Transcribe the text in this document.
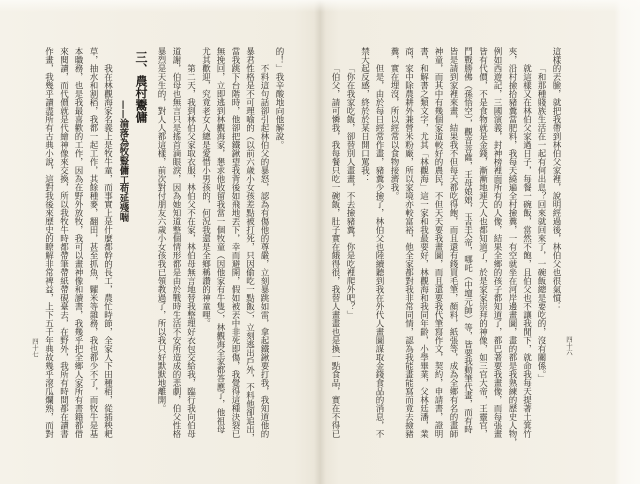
的！」我辛酸地向他解說。
不料這句話卻引起林伯父的暴怒，認為有傷他的尊嚴，立刻暴跳如雷，拿起鐵鍬要打我，我知道他的
暴君性格是不可理喻的（以前六歲小女孩差點被打死，只因偷吃一點飯），立刻逃出戶外，不料他卻追出，
當我跳下台階時，他卻把鐵鍬望我背後如飛地丟下，幸而避開，假如被丟中非死即傷，我覺得這種決裂已
無挽回，立即逃到林觀海家，懇求他收留我當一個牧童（因他家有牛隻），林觀海全家都答應了，他祖母
尤其歡迎，究竟老女人總是愛惜小男孩的，何況我還是全鄉稱讚的神童哩。
第二天，我到林伯父家取衣服，林伯父不在家，林伯母無言地替我整理好衣包交給我，臨行我向伯母
道謝，伯母也無言只是搖首滴眼淚，因為她知道整個情形都是由於戰時生活不安所造成的悲劇，伯父性格
暴烈是天生的，對人人都這樣，前次對付朋友六歲小女孩我已領教過了，所以我只好默默地離開。
三、農村鬻傭
——淪落為牧豎傭工苟延殘喘
我在林觀海家名義上是牧牛童，而事實上是什麼都幹的長工，農忙時節，全家人下田種稻，從插秧耙
草，抽水和割稻，我都一起工作，其餘種麥，翻田，甚至抓魚，糶米等雜務，我也都少不了，而牧牛是基
本職務，也是我最喜歡的工作，因為在野外放牧，我可以畫神像和讀書，我幾乎把全鄉人家所有書籍都借
來閱讀，而代價就是代繪神像來交換，所以我牧牛時都帶筆帶紙帶硯臺去，在野外，我所有時間都在讀書
作畫，我幾乎讀盡所有古典小說，這對我後來歷史的瞭解非常裨益，上下五千年典故幾乎滾瓜爛熟，而對
四十七
這樣的丟臉，就把我帶到林伯父家裡，說明經過後，林伯父也很氣憤：
「和那種賤族生活在一起有何出息？回來就回來了，一碗飯總是要吃的，沒有關係。」
就這樣又在林伯父家過日子，每餐一碗飯，當然不飽，且伯父也不讓我閒下，就命我每天提著土箕竹
夾，沿村撿拾豬糞當肥料，我每天繞遍全村撿糞，一有空就坐在河岸邊畫圖，畫的都是我熟練的歷史人物，
例如西遊記，三國演義，封神榜裡面所有的人像，結果全鄉的孩子都知道了，都巴著要我畫像，而每張畫
皆有代價，不是食物就是金錢，漸漸地連大人也都知道了，於是家家崇拜的神像，如三官大帝，王靈官，
鬥戰勝佛（孫悟空），觀音菩薩，王母娘娘，玉皇大帝，哪吒（中壇元帥）等，皆要我動筆代畫，而有時
皆是請到家裡來畫，結果我不但每天都吃得飽，而且還有錢買毛筆，顏料，紙張等，成為全鄉有名的畫師
神童，而其中有幾個家道較好的農民，不但天天要我畫圖，而且還要我代筆寫作文，契約，申請書，證明
書，和解書之類文字，尤其「林觀海」這一家和我最要好，林觀海和我同年齡，小學畢業，父林廷潘，業
商，家中除農耕外兼營米粉廠，所以家境亦較富裕，他全家都對我非常同情，認為我能畫能寫而竟去撿豬
糞，實在埋沒，所以經常以食物接濟我。
但是，由於每日經常作畫，豬糞少撿了，林伯父也陸續聽到我在外代人畫圖謀取金錢食品的消息，不
禁大起反感，終於於某日開口罵我：
「你在我家吃飯，卻替別人畫畫，不去撿豬糞，你是吃裡爬外吧？」
「伯父，請可憐我，我每餐只吃一碗飯，肚子實在餓得很，我替人畫畫也是換一點食品，實在不得已	四十六
